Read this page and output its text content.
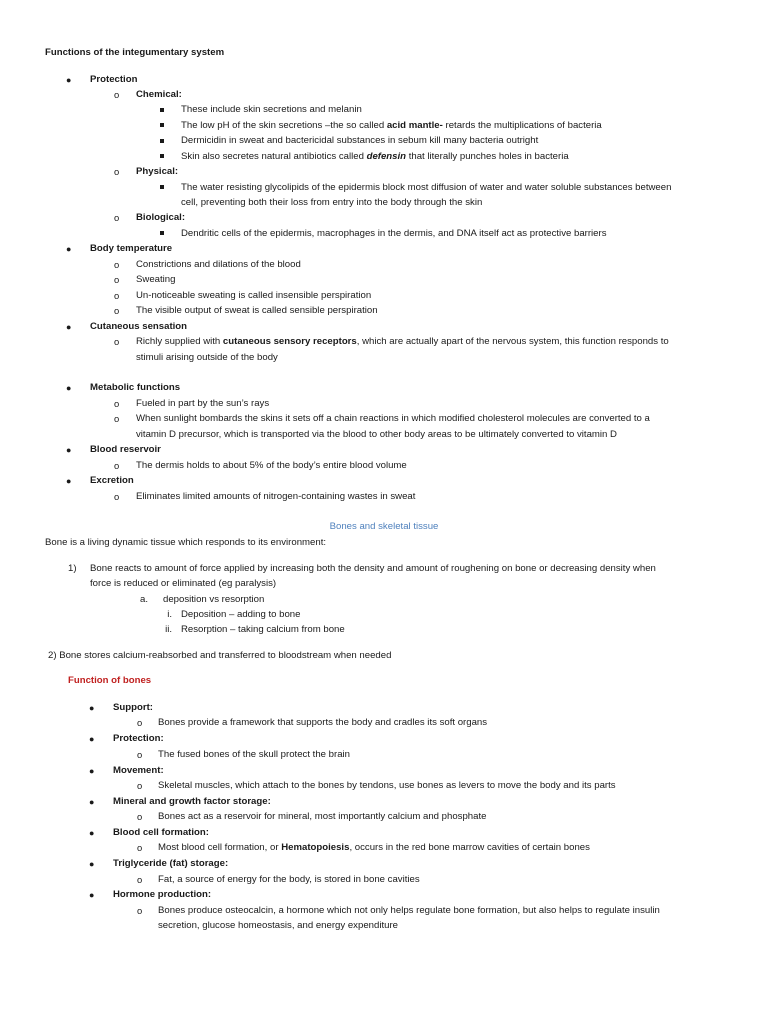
Functions of the integumentary system
● Protection
o Chemical:
These include skin secretions and melanin
The low pH of the skin secretions –the so called acid mantle- retards the multiplications of bacteria
Dermicidin in sweat and bactericidal substances in sebum kill many bacteria outright
Skin also secretes natural antibiotics called defensin that literally punches holes in bacteria
o Physical:
The water resisting glycolipids of the epidermis block most diffusion of water and water soluble substances between
cell, preventing both their loss from entry into the body through the skin
o Biological:
Dendritic cells of the epidermis, macrophages in the dermis, and DNA itself act as protective barriers
● Body temperature
o Constrictions and dilations of the blood
o Sweating
o Un-noticeable sweating is called insensible perspiration
o The visible output of sweat is called sensible perspiration
● Cutaneous sensation
o Richly supplied with cutaneous sensory receptors, which are actually apart of the nervous system, this function responds to
stimuli arising outside of the body
● Metabolic functions
o Fueled in part by the sun’s rays
o When sunlight bombards the skins it sets off a chain reactions in which modified cholesterol molecules are converted to a
vitamin D precursor, which is transported via the blood to other body areas to be ultimately converted to vitamin D
● Blood reservoir
o The dermis holds to about 5% of the body’s entire blood volume
● Excretion
o Eliminates limited amounts of nitrogen-containing wastes in sweat
Bones and skeletal tissue
Bone is a living dynamic tissue which responds to its environment:
1) Bone reacts to amount of force applied by increasing both the density and amount of roughening on bone or decreasing density when
force is reduced or eliminated (eg paralysis)
a. deposition vs resorption
i. Deposition – adding to bone
ii. Resorption – taking calcium from bone
2) Bone stores calcium-reabsorbed and transferred to bloodstream when needed
Function of bones
● Support:
o Bones provide a framework that supports the body and cradles its soft organs
● Protection:
o The fused bones of the skull protect the brain
● Movement:
o Skeletal muscles, which attach to the bones by tendons, use bones as levers to move the body and its parts
● Mineral and growth factor storage:
o Bones act as a reservoir for mineral, most importantly calcium and phosphate
● Blood cell formation:
o Most blood cell formation, or Hematopoiesis, occurs in the red bone marrow cavities of certain bones
● Triglyceride (fat) storage:
o Fat, a source of energy for the body, is stored in bone cavities
● Hormone production:
o Bones produce osteocalcin, a hormone which not only helps regulate bone formation, but also helps to regulate insulin
secretion, glucose homeostasis, and energy expenditure
